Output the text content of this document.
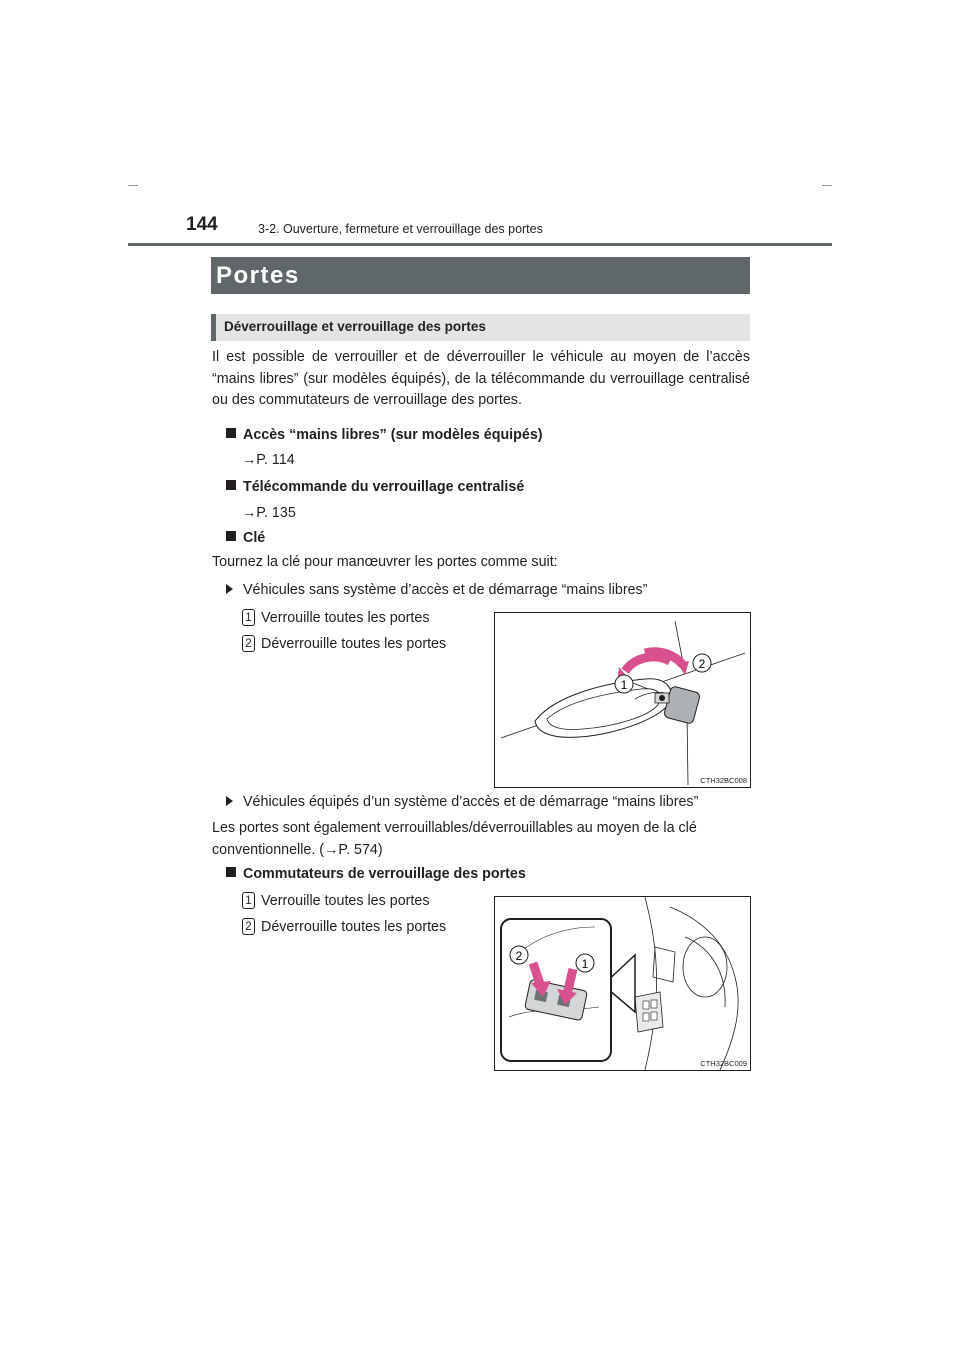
144	3-2. Ouverture, fermeture et verrouillage des portes
Portes
Déverrouillage et verrouillage des portes
Il est possible de verrouiller et de déverrouiller le véhicule au moyen de l’accès “mains libres” (sur modèles équipés), de la télécommande du verrouillage centralisé ou des commutateurs de verrouillage des portes.
Accès “mains libres” (sur modèles équipés)
→P. 114
Télécommande du verrouillage centralisé
→P. 135
Clé
Tournez la clé pour manœuvrer les portes comme suit:
Véhicules sans système d’accès et de démarrage “mains libres”
1 Verrouille toutes les portes
2 Déverrouille toutes les portes
1
2
CTH32BC008
Véhicules équipés d’un système d’accès et de démarrage “mains libres”
Les portes sont également verrouillables/déverrouillables au moyen de la clé conventionnelle. (→P. 574)
Commutateurs de verrouillage des portes
1 Verrouille toutes les portes
2 Déverrouille toutes les portes
2
1
CTH32BC009
